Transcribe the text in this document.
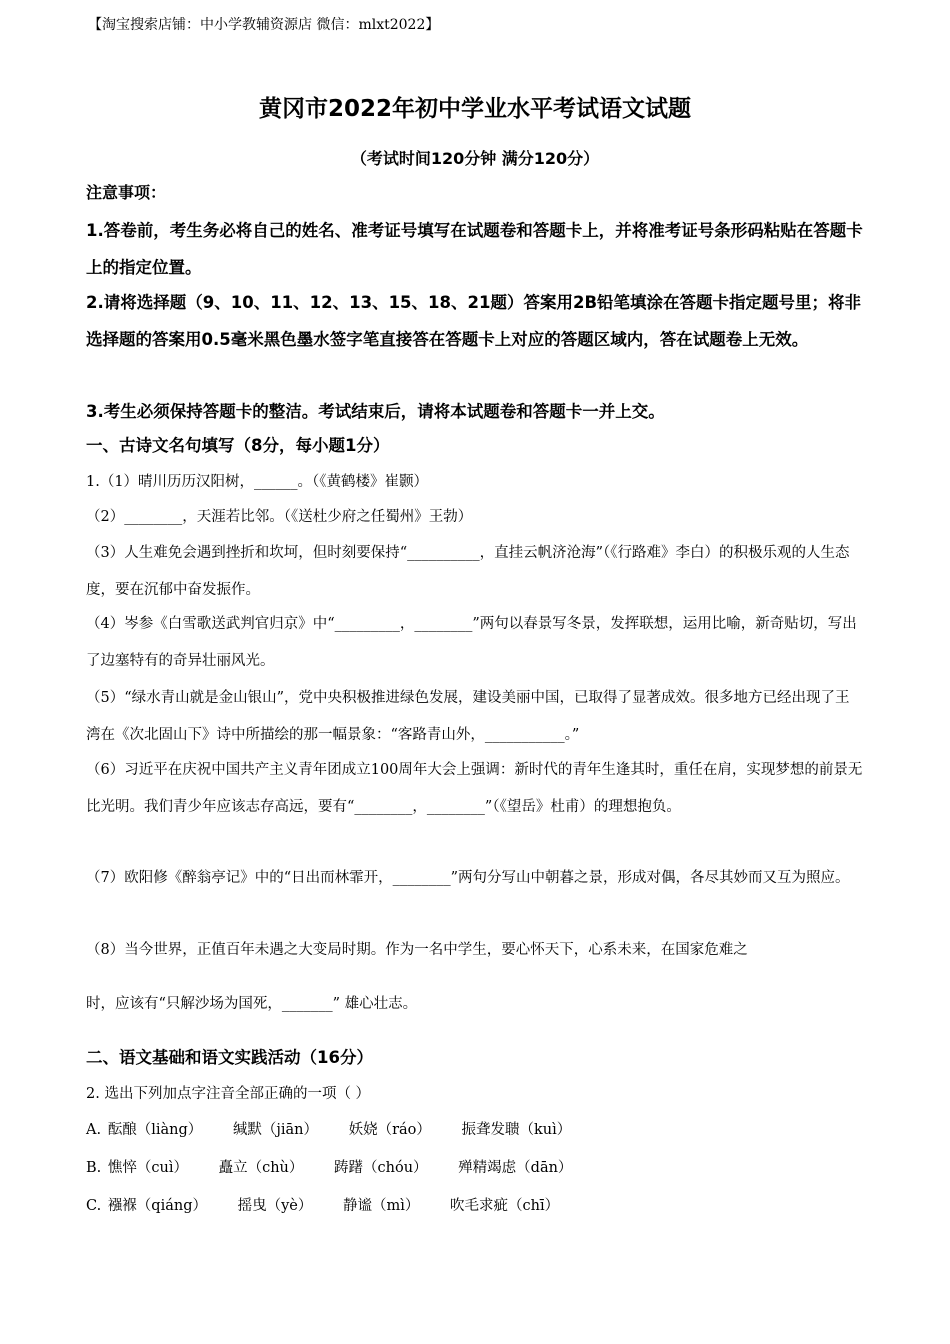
【淘宝搜索店铺：中小学教辅资源店 微信：mlxt2022】
黄冈市2022年初中学业水平考试语文试题
（考试时间120分钟 满分120分）
注意事项：
1.答卷前，考生务必将自己的姓名、准考证号填写在试题卷和答题卡上，并将准考证号条形码粘贴在答题卡上的指定位置。
2.请将选择题（9、10、11、12、13、15、18、21题）答案用2B铅笔填涂在答题卡指定题号里；将非选择题的答案用0.5毫米黑色墨水签字笔直接答在答题卡上对应的答题区域内，答在试题卷上无效。
3.考生必须保持答题卡的整洁。考试结束后，请将本试题卷和答题卡一并上交。
一、古诗文名句填写（8分，每小题1分）
1.（1）晴川历历汉阳树，______。（《黄鹤楼》崔颢）
（2）________，天涯若比邻。（《送杜少府之任蜀州》王勃）
（3）人生难免会遇到挫折和坎坷，但时刻要保持“__________，直挂云帆济沧海”（《行路难》李白）的积极乐观的人生态度，要在沉郁中奋发振作。
（4）岑参《白雪歌送武判官归京》中“_________，________”两句以春景写冬景，发挥联想，运用比喻，新奇贴切，写出了边塞特有的奇异壮丽风光。
（5）“绿水青山就是金山银山”，党中央积极推进绿色发展，建设美丽中国，已取得了显著成效。很多地方已经出现了王湾在《次北固山下》诗中所描绘的那一幅景象：“客路青山外，___________。”
（6）习近平在庆祝中国共产主义青年团成立100周年大会上强调：新时代的青年生逢其时，重任在肩，实现梦想的前景无比光明。我们青少年应该志存高远，要有“________，________”（《望岳》杜甫）的理想抱负。
（7）欧阳修《醉翁亭记》中的“日出而林霏开，________”两句分写山中朝暮之景，形成对偶，各尽其妙而又互为照应。
（8）当今世界，正值百年未遇之大变局时期。作为一名中学生，要心怀天下，心系未来，在国家危难之
时，应该有“只解沙场为国死，_______” 雄心壮志。
二、语文基础和语文实践活动（16分）
2. 选出下列加点字注音全部正确的一项（ ）
A. 酝酿（liàng） 缄默（jiān） 妖娆（ráo） 振聋发聩（kuì）
B. 憔悴（cuì） 矗立（chù） 踌躇（chóu） 殚精竭虑（dān）
C. 襁褓（qiáng） 摇曳（yè） 静谧（mì） 吹毛求疵（chī）
